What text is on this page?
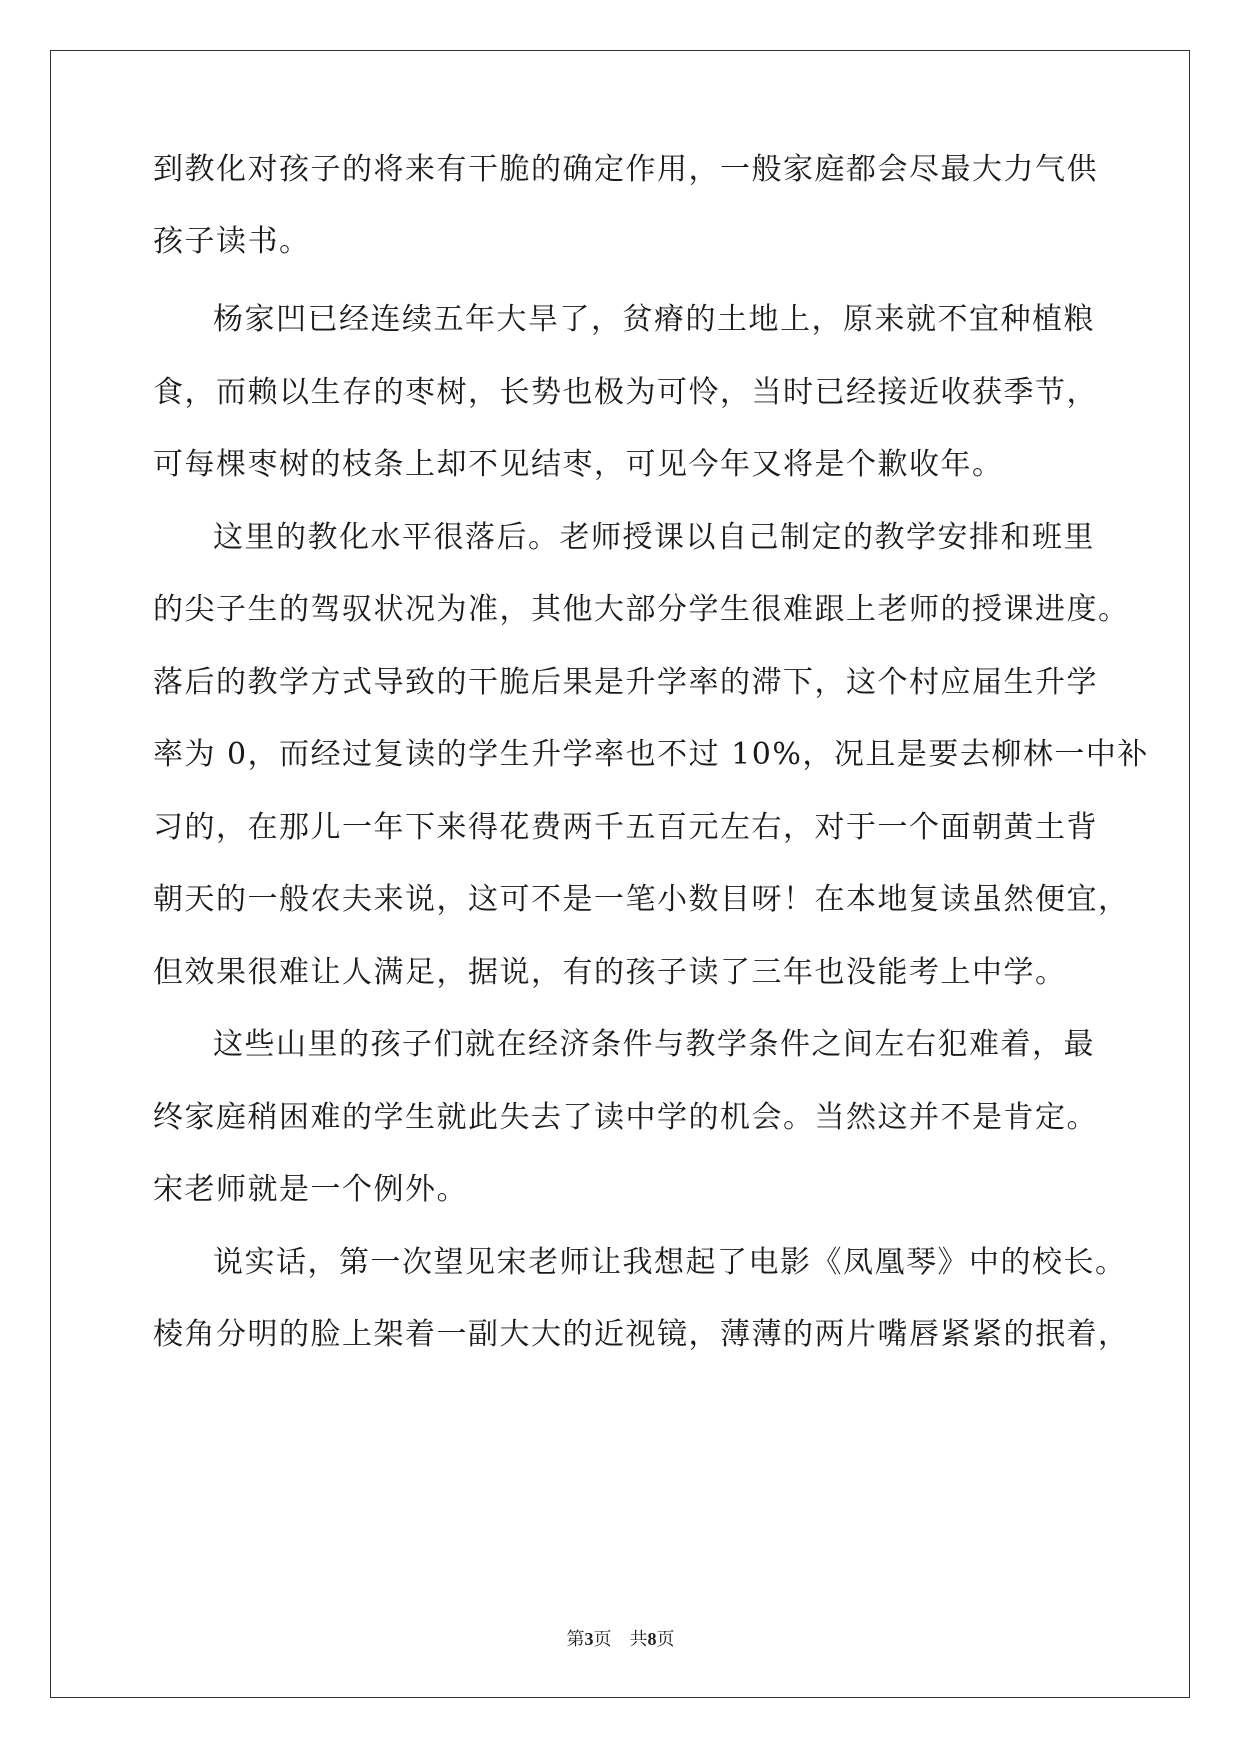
到教化对孩子的将来有干脆的确定作用，一般家庭都会尽最大力气供
孩子读书。
杨家凹已经连续五年大旱了，贫瘠的土地上，原来就不宜种植粮
食，而赖以生存的枣树，长势也极为可怜，当时已经接近收获季节，
可每棵枣树的枝条上却不见结枣，可见今年又将是个歉收年。
这里的教化水平很落后。老师授课以自己制定的教学安排和班里
的尖子生的驾驭状况为准，其他大部分学生很难跟上老师的授课进度。
落后的教学方式导致的干脆后果是升学率的滞下，这个村应届生升学
率为 0，而经过复读的学生升学率也不过 10%，况且是要去柳林一中补
习的，在那儿一年下来得花费两千五百元左右，对于一个面朝黄土背
朝天的一般农夫来说，这可不是一笔小数目呀！在本地复读虽然便宜，
但效果很难让人满足，据说，有的孩子读了三年也没能考上中学。
这些山里的孩子们就在经济条件与教学条件之间左右犯难着，最
终家庭稍困难的学生就此失去了读中学的机会。当然这并不是肯定。
宋老师就是一个例外。
说实话，第一次望见宋老师让我想起了电影《凤凰琴》中的校长。
棱角分明的脸上架着一副大大的近视镜，薄薄的两片嘴唇紧紧的抿着，
第3页　共8页
